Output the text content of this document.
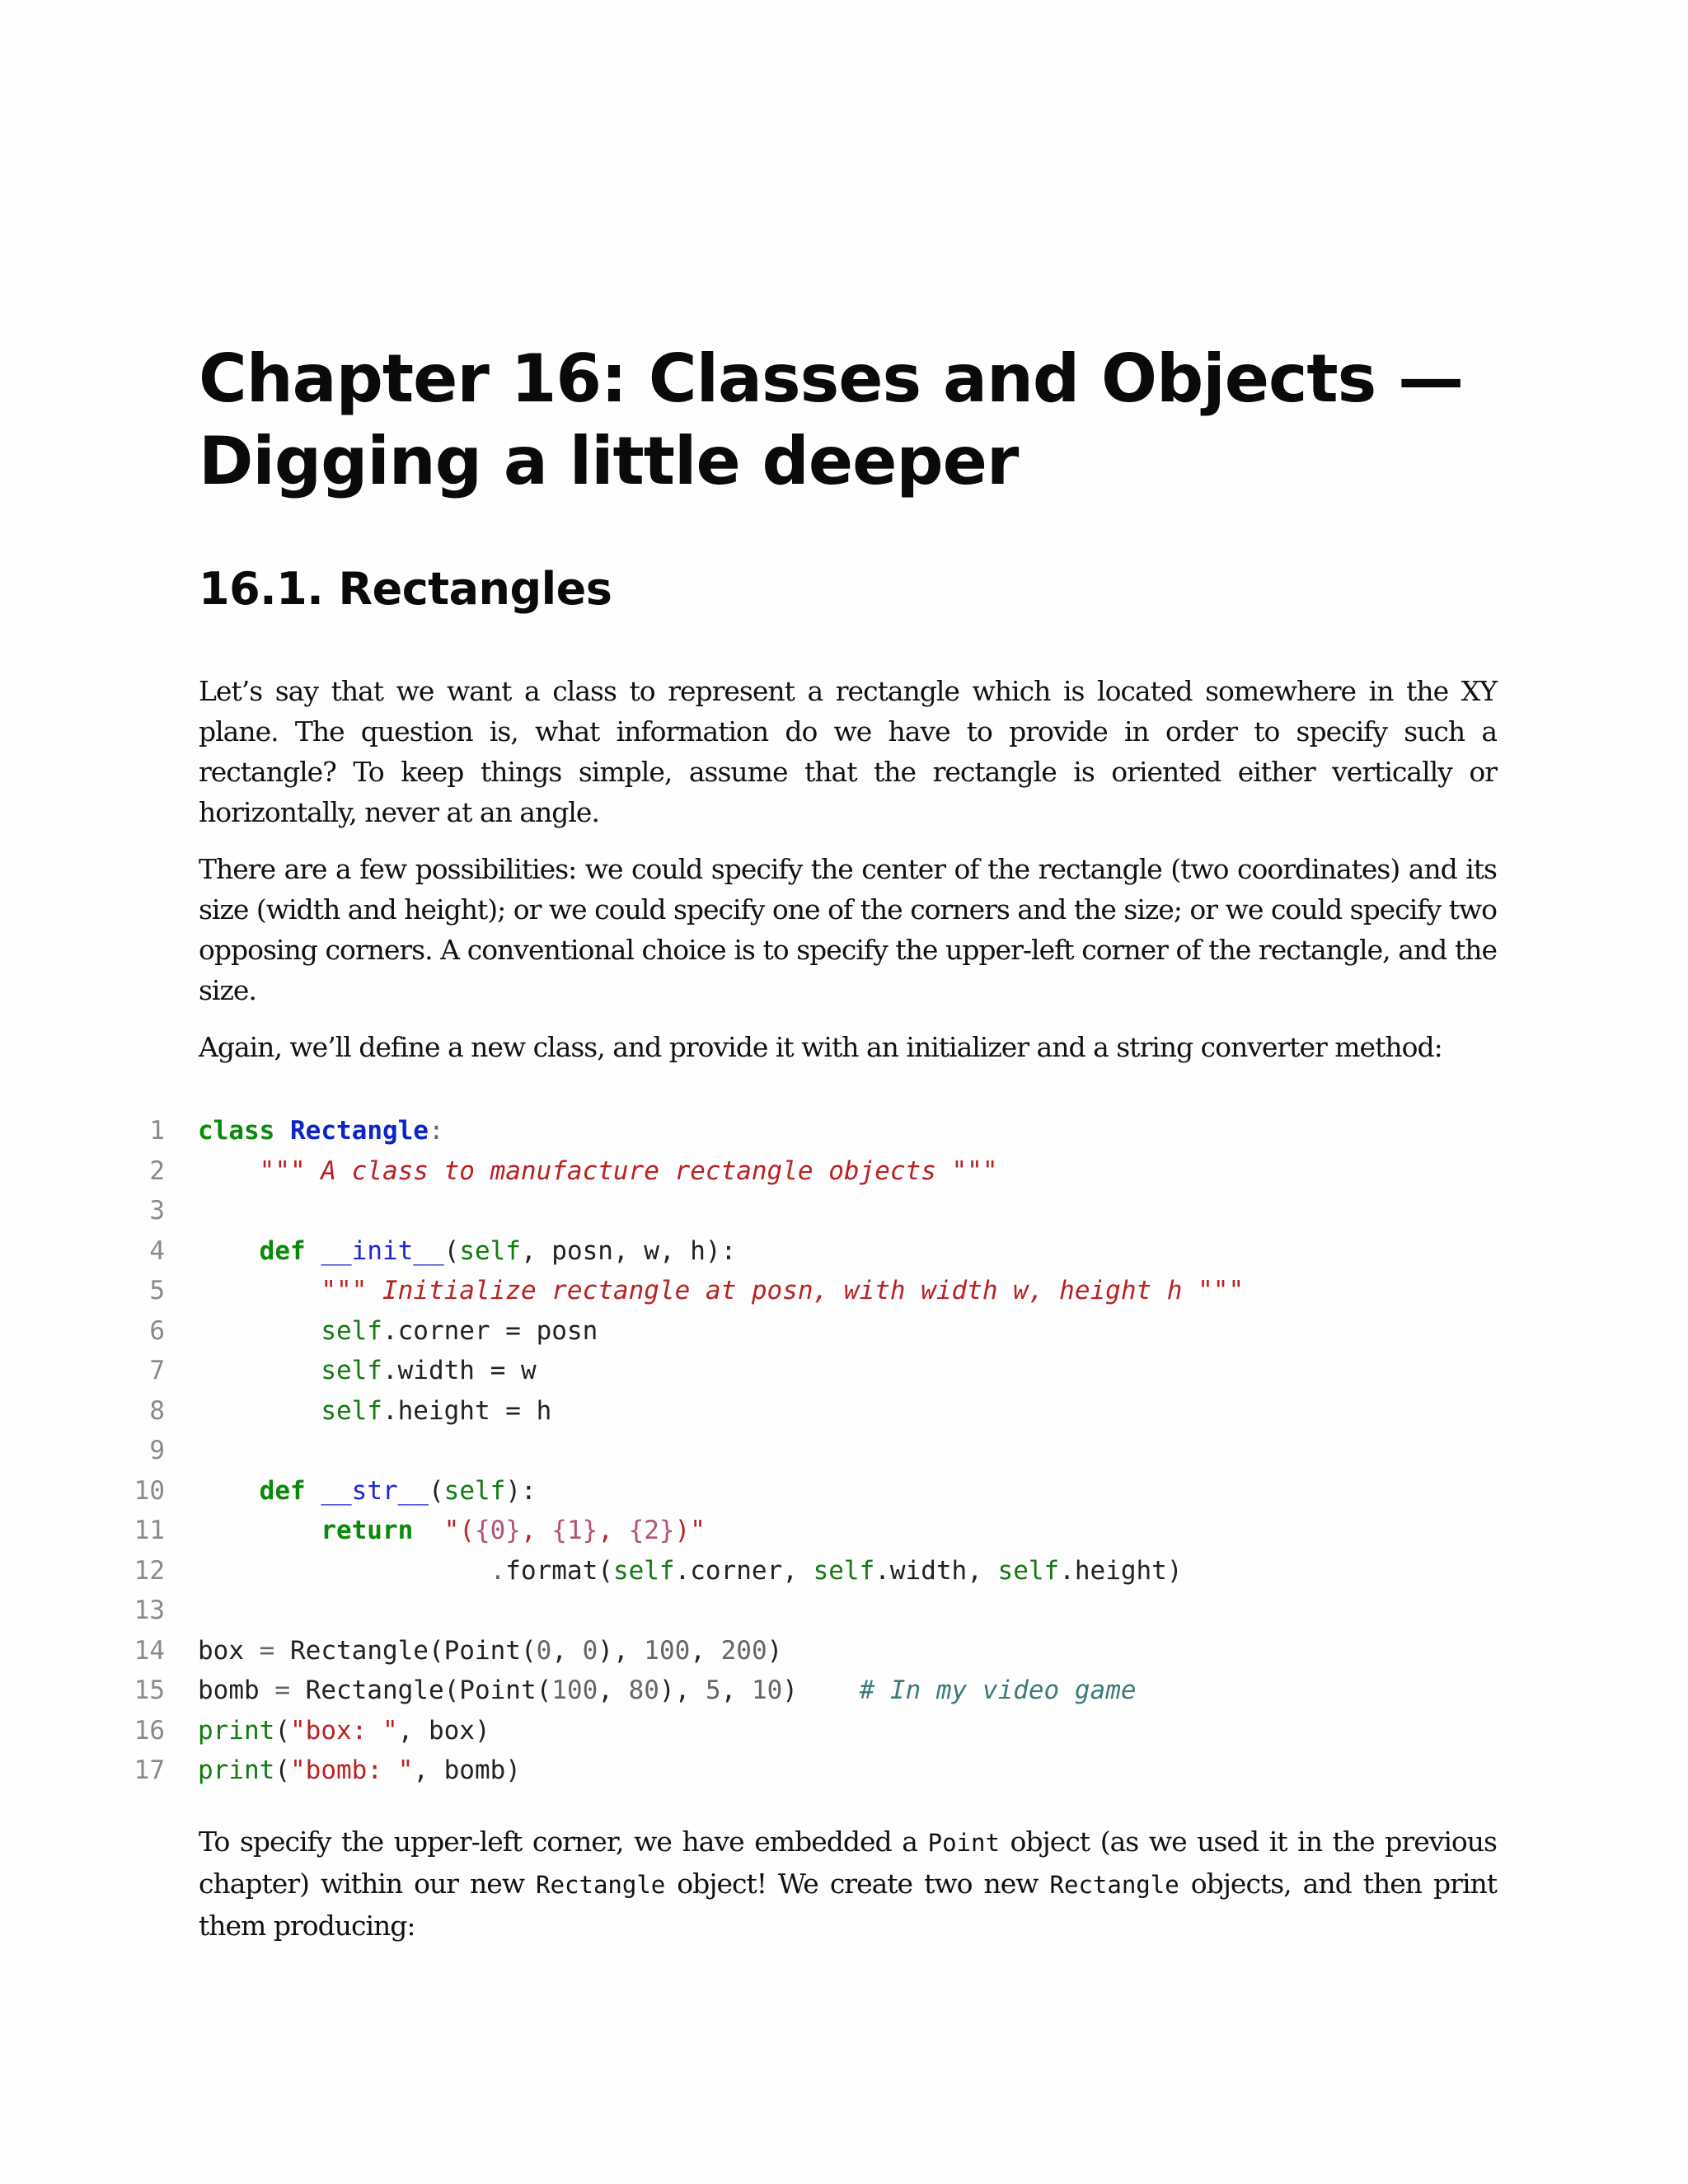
Chapter 16: Classes and Objects —
Digging a little deeper
16.1. Rectangles

Let’s say that we want a class to represent a rectangle which is located somewhere in the XY plane. The question is, what information do we have to provide in order to specify such a rectangle? To keep things simple, assume that the rectangle is oriented either vertically or horizontally, never at an angle.

There are a few possibilities: we could specify the center of the rectangle (two coordinates) and its size (width and height); or we could specify one of the corners and the size; or we could specify two opposing corners. A conventional choice is to specify the upper-left corner of the rectangle, and the size.

Again, we’ll define a new class, and provide it with an initializer and a string converter method:

1 class Rectangle:
2	""" A class to manufacture rectangle objects """
3
4	def __init__(self, posn, w, h):
5	""" Initialize rectangle at posn, with width w, height h """
6	self.corner = posn
7	self.width = w
8	self.height = h
9
10	def __str__(self):
11	return "({0}, {1}, {2})"
12	.format(self.corner, self.width, self.height)
13
14 box = Rectangle(Point(0, 0), 100, 200)
15 bomb = Rectangle(Point(100, 80), 5, 10) # In my video game
16 print("box: ", box)
17 print("bomb: ", bomb)

To specify the upper-left corner, we have embedded a Point object (as we used it in the previous chapter) within our new Rectangle object! We create two new Rectangle objects, and then print them producing:
